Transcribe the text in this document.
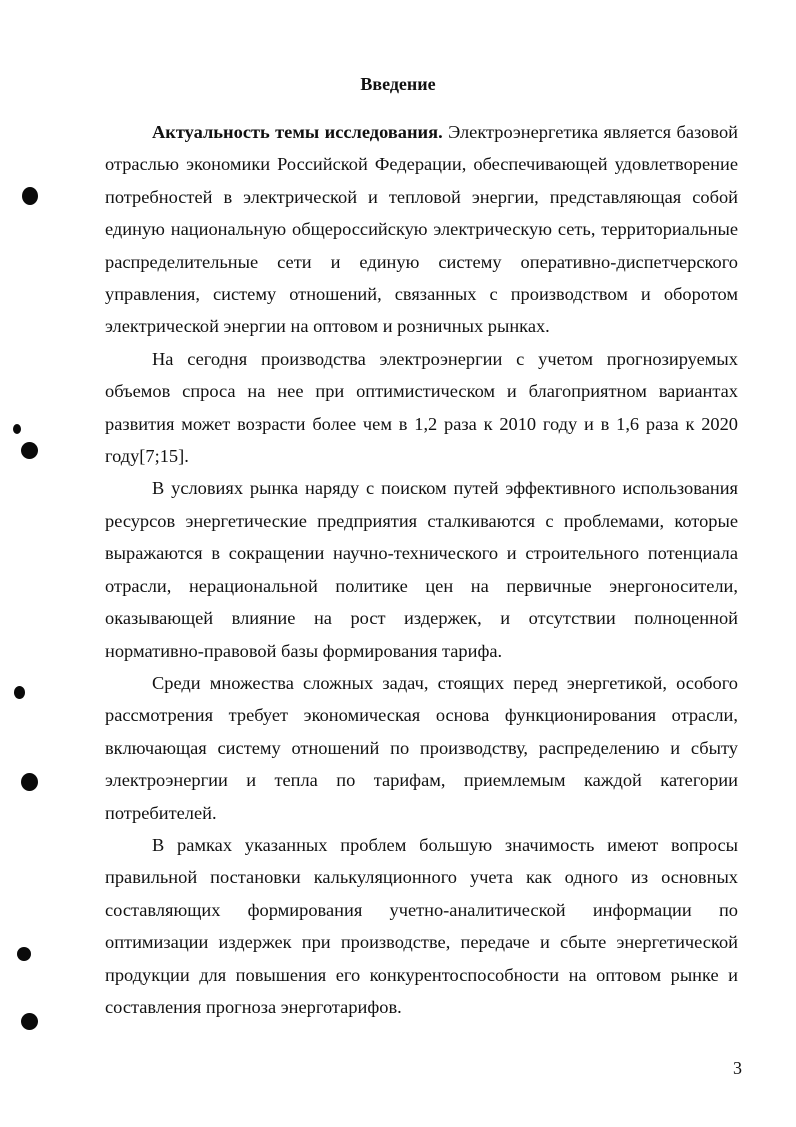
Введение

Актуальность темы исследования. Электроэнергетика является базовой отраслью экономики Российской Федерации, обеспечивающей удовлетворение потребностей в электрической и тепловой энергии, представляющая собой единую национальную общероссийскую электрическую сеть, территориальные распределительные сети и единую систему оперативно-диспетчерского управления, систему отношений, связанных с производством и оборотом электрической энергии на оптовом и розничных рынках.

На сегодня производства электроэнергии с учетом прогнозируемых объемов спроса на нее при оптимистическом и благоприятном вариантах развития может возрасти более чем в 1,2 раза к 2010 году и в 1,6 раза к 2020 году[7;15].

В условиях рынка наряду с поиском путей эффективного использования ресурсов энергетические предприятия сталкиваются с проблемами, которые выражаются в сокращении научно-технического и строительного потенциала отрасли, нерациональной политике цен на первичные энергоносители, оказывающей влияние на рост издержек, и отсутствии полноценной нормативно-правовой базы формирования тарифа.

Среди множества сложных задач, стоящих перед энергетикой, особого рассмотрения требует экономическая основа функционирования отрасли, включающая систему отношений по производству, распределению и сбыту электроэнергии и тепла по тарифам, приемлемым каждой категории потребителей.

В рамках указанных проблем большую значимость имеют вопросы правильной постановки калькуляционного учета как одного из основных составляющих формирования учетно-аналитической информации по оптимизации издержек при производстве, передаче и сбыте энергетической продукции для повышения его конкурентоспособности на оптовом рынке и составления прогноза энерготарифов.

3
